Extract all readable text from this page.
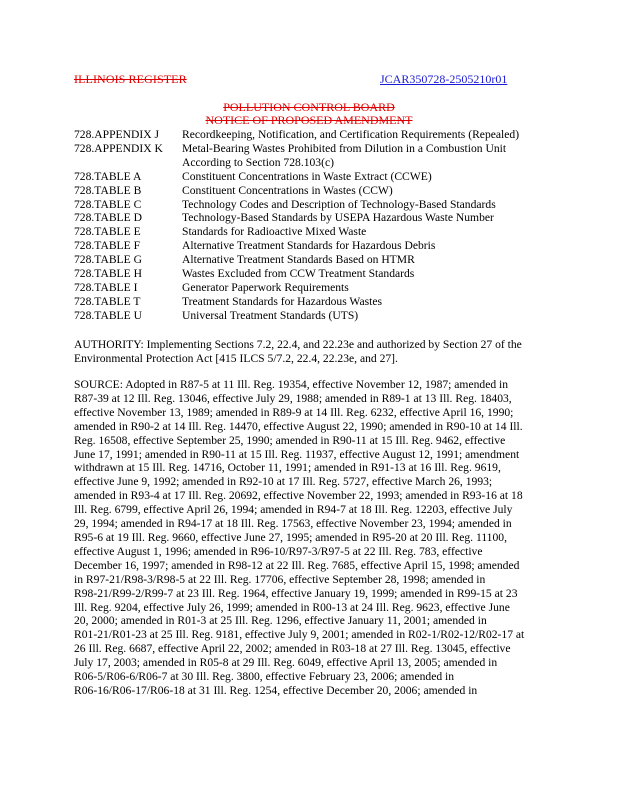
ILLINOIS REGISTER	JCAR350728-2505210r01
POLLUTION CONTROL BOARD
NOTICE OF PROPOSED AMENDMENT
728.APPENDIX J	Recordkeeping, Notification, and Certification Requirements (Repealed)
728.APPENDIX K	Metal-Bearing Wastes Prohibited from Dilution in a Combustion Unit
According to Section 728.103(c)
728.TABLE A	Constituent Concentrations in Waste Extract (CCWE)
728.TABLE B	Constituent Concentrations in Wastes (CCW)
728.TABLE C	Technology Codes and Description of Technology-Based Standards
728.TABLE D	Technology-Based Standards by USEPA Hazardous Waste Number
728.TABLE E	Standards for Radioactive Mixed Waste
728.TABLE F	Alternative Treatment Standards for Hazardous Debris
728.TABLE G	Alternative Treatment Standards Based on HTMR
728.TABLE H	Wastes Excluded from CCW Treatment Standards
728.TABLE I	Generator Paperwork Requirements
728.TABLE T	Treatment Standards for Hazardous Wastes
728.TABLE U	Universal Treatment Standards (UTS)
AUTHORITY: Implementing Sections 7.2, 22.4, and 22.23e and authorized by Section 27 of the
Environmental Protection Act [415 ILCS 5/7.2, 22.4, 22.23e, and 27].
SOURCE: Adopted in R87-5 at 11 Ill. Reg. 19354, effective November 12, 1987; amended in
R87-39 at 12 Ill. Reg. 13046, effective July 29, 1988; amended in R89-1 at 13 Ill. Reg. 18403,
effective November 13, 1989; amended in R89-9 at 14 Ill. Reg. 6232, effective April 16, 1990;
amended in R90-2 at 14 Ill. Reg. 14470, effective August 22, 1990; amended in R90-10 at 14 Ill.
Reg. 16508, effective September 25, 1990; amended in R90-11 at 15 Ill. Reg. 9462, effective
June 17, 1991; amended in R90-11 at 15 Ill. Reg. 11937, effective August 12, 1991; amendment
withdrawn at 15 Ill. Reg. 14716, October 11, 1991; amended in R91-13 at 16 Ill. Reg. 9619,
effective June 9, 1992; amended in R92-10 at 17 Ill. Reg. 5727, effective March 26, 1993;
amended in R93-4 at 17 Ill. Reg. 20692, effective November 22, 1993; amended in R93-16 at 18
Ill. Reg. 6799, effective April 26, 1994; amended in R94-7 at 18 Ill. Reg. 12203, effective July
29, 1994; amended in R94-17 at 18 Ill. Reg. 17563, effective November 23, 1994; amended in
R95-6 at 19 Ill. Reg. 9660, effective June 27, 1995; amended in R95-20 at 20 Ill. Reg. 11100,
effective August 1, 1996; amended in R96-10/R97-3/R97-5 at 22 Ill. Reg. 783, effective
December 16, 1997; amended in R98-12 at 22 Ill. Reg. 7685, effective April 15, 1998; amended
in R97-21/R98-3/R98-5 at 22 Ill. Reg. 17706, effective September 28, 1998; amended in
R98-21/R99-2/R99-7 at 23 Ill. Reg. 1964, effective January 19, 1999; amended in R99-15 at 23
Ill. Reg. 9204, effective July 26, 1999; amended in R00-13 at 24 Ill. Reg. 9623, effective June
20, 2000; amended in R01-3 at 25 Ill. Reg. 1296, effective January 11, 2001; amended in
R01-21/R01-23 at 25 Ill. Reg. 9181, effective July 9, 2001; amended in R02-1/R02-12/R02-17 at
26 Ill. Reg. 6687, effective April 22, 2002; amended in R03-18 at 27 Ill. Reg. 13045, effective
July 17, 2003; amended in R05-8 at 29 Ill. Reg. 6049, effective April 13, 2005; amended in
R06-5/R06-6/R06-7 at 30 Ill. Reg. 3800, effective February 23, 2006; amended in
R06-16/R06-17/R06-18 at 31 Ill. Reg. 1254, effective December 20, 2006; amended in
